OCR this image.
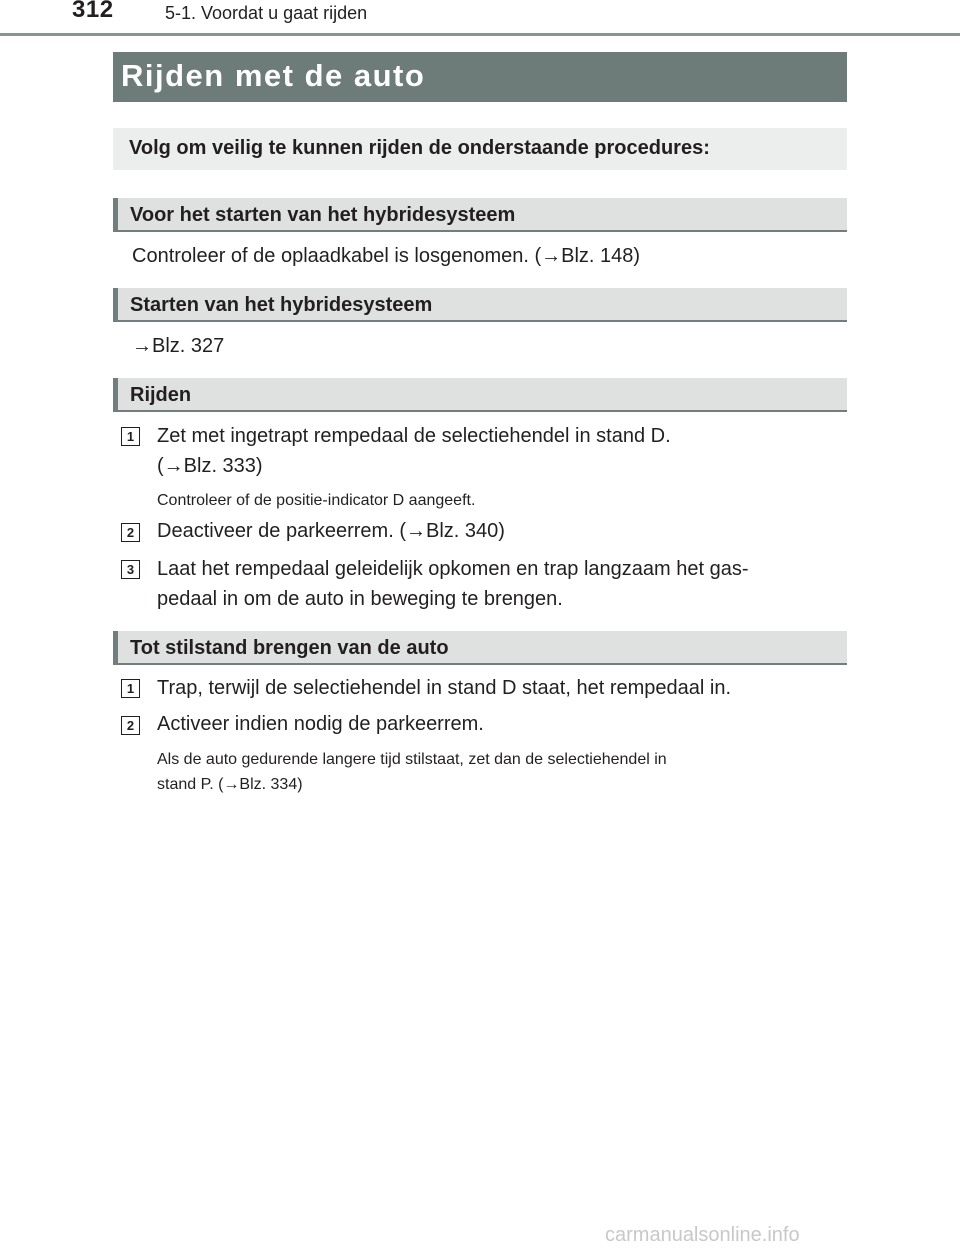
312	5-1. Voordat u gaat rijden
Rijden met de auto
Volg om veilig te kunnen rijden de onderstaande procedures:
Voor het starten van het hybridesysteem
Controleer of de oplaadkabel is losgenomen. (→Blz. 148)
Starten van het hybridesysteem
→Blz. 327
Rijden
1 Zet met ingetrapt rempedaal de selectiehendel in stand D.
(→Blz. 333)
Controleer of de positie-indicator D aangeeft.
2 Deactiveer de parkeerrem. (→Blz. 340)
3 Laat het rempedaal geleidelijk opkomen en trap langzaam het gas-
pedaal in om de auto in beweging te brengen.
Tot stilstand brengen van de auto
1 Trap, terwijl de selectiehendel in stand D staat, het rempedaal in.
2 Activeer indien nodig de parkeerrem.
Als de auto gedurende langere tijd stilstaat, zet dan de selectiehendel in
stand P. (→Blz. 334)
carmanualsonline.info
